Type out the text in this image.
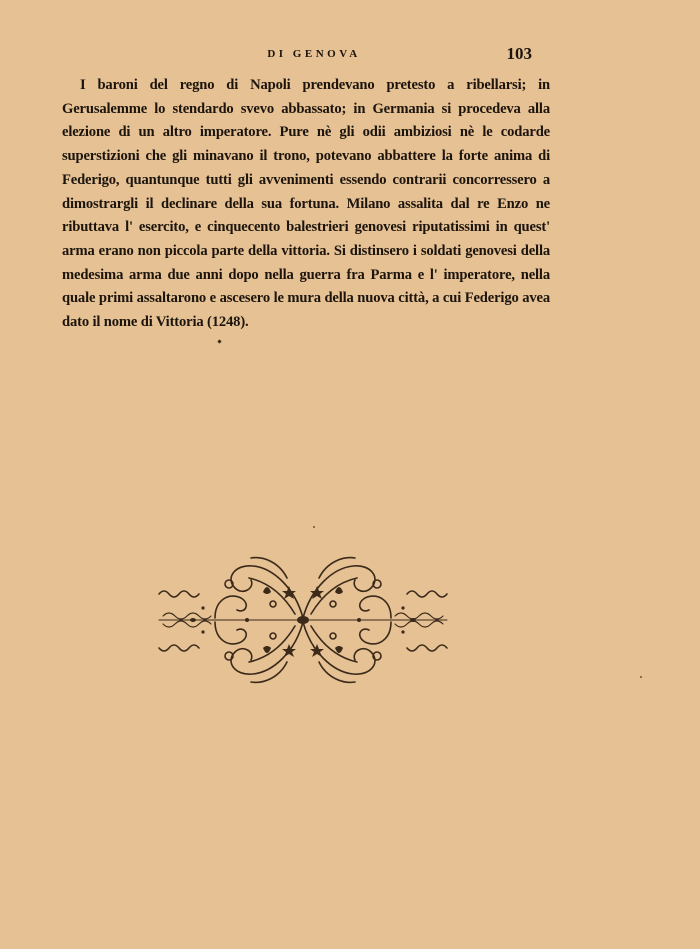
DI GENOVA	103

I baroni del regno di Napoli prendevano pretesto a ribellarsi; in Gerusalemme lo stendardo svevo abbassato; in Germania si procedeva alla elezione di un altro imperatore. Pure nè gli odii ambiziosi nè le codarde superstizioni che gli minavano il trono, potevano abbattere la forte anima di Federigo, quantunque tutti gli avvenimenti essendo contrarii concorressero a dimostrargli il declinare della sua fortuna. Milano assalita dal re Enzo ne ributtava l' esercito, e cinquecento balestrieri genovesi riputatissimi in quest' arma erano non piccola parte della vittoria. Si distinsero i soldati genovesi della medesima arma due anni dopo nella guerra fra Parma e l' imperatore, nella quale primi assaltarono e ascesero le mura della nuova città, a cui Federigo avea dato il nome di Vittoria (1248).
